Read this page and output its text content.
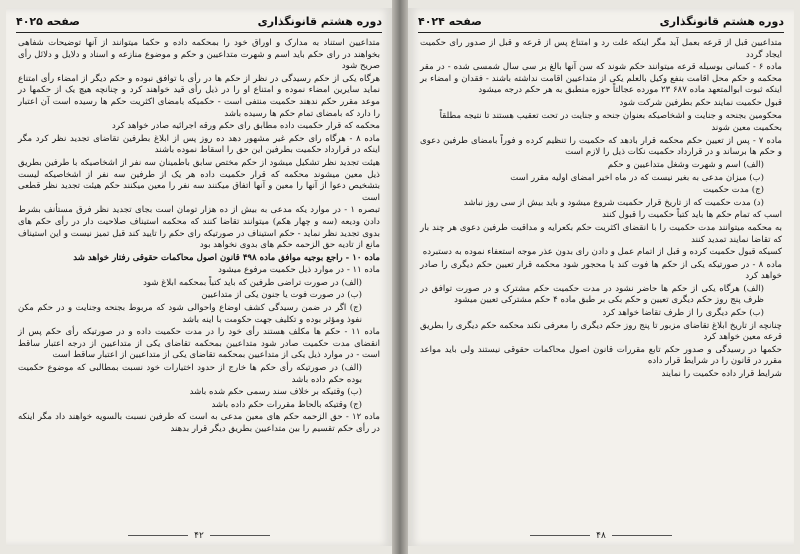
دوره هشتم قانونگذاری
صفحه ۴۰۲۵

متداعیین استناد به مدارک و اوراق خود را بمحکمه داده و حکما میتوانند از آنها توضیحات شفاهی بخواهند در رای حکم باید اسم و شهرت متداعیین و حکم و موضوع منازعه و اسناد و دلایل و دلائل رأی صریح شود

هرگاه یکی از حکم رسیدگی در نظر از حکم ها در رأی با توافق نبوده و حکم دیگر از امضاء رأی امتناع نماید سایرین امضاء نموده و امتناع او را در ذیل رأی قید خواهند کرد و چنانچه هیچ یک از حکمها در موعد مقرر حکم ندهند حکمیت منتفی است - حکمیکه بامضای اکثریت حکم ها رسیده است آن اعتبار را دارد که بامضای تمام حکم ها رسیده باشد

محکمه که قرار حکمیت داده مطابق رای حکم ورقه اجرائیه صادر خواهد کرد

ماده ۸ - هرگاه رای حکم غیر مشهور دهد ده روز پس از ابلاغ بطرفین تقاضای تجدید نظر کرد مگر اینکه در قرارداد حکمیت بطرفین این حق را اسقاط نموده باشند

هیئت تجدید نظر تشکیل میشود از حکم مختص سابق باطمینان سه نفر از اشخاصیکه با طرفین بطریق ذیل معین میشوند محکمه که قرار حکمیت داده هر یک از طرفین سه نفر از اشخاصیکه لیست بتشخیص دعوا از آنها را معین و آنها اتفاق میکنند سه نفر را معین میکنند حکم هیئت تجدید نظر قطعی است

تبصره ۱ - در موارد یکه مدعی به بیش از ده هزار تومان است بجای تجدید نظر فرق مستأنف بشرط دادن ودیعه (سه و چهار هکم) میتوانند تقاضا کنند که محکمه استیناف صلاحیت دار در رأی حکم های بدوی تجدید نظر نماید - حکم استیناف در صورتیکه رای حکم را تایید کند قبل تمیز نیست و این استیناف مانع از تادیه حق الزحمه حکم های بدوی نخواهد بود

ماده ۱۰ - راجع بوجیه موافق ماده ۴۹۸ قانون اصول محاکمات حقوقی رفتار خواهد شد

ماده ۱۱ - در موارد ذیل حکمیت مرفوع میشود

(الف) در صورت تراضی طرفین که باید کتباً بمحکمه ابلاغ شود

(ب) در صورت فوت یا جنون یکی از متداعیین

(ج) اگر در ضمن رسیدگی کشف اوضاع واحوالی شود که مربوط بجنحه وجنایت و در حکم مکن نفوذ ومؤثر بوده و تکلیف جهت حکومت با اینه باشد

ماده ۱۱ - حکم ها مکلف هستند رأی خود را در مدت حکمیت داده و در صورتیکه رأی حکم پس از انقضای مدت حکمیت صادر شود متداعیین بمحکمه تقاضای یکی از متداعیین از درجه اعتبار ساقط است - در موارد ذیل یکی از متداعیین بمحکمه تقاضای یکی از متداعیین از اعتبار ساقط است

(الف) در صورتیکه رأی حکم ها خارج از حدود اختیارات خود نسبت بمطالبی که موضوع حکمیت بوده حکم داده باشد

(ب) وقتیکه بر خلاف سند رسمی حکم شده باشد

(ج) وقتیکه بالحاظ مقررات حکم داده باشد

ماده ۱۲ - حق الزحمه حکم های معین مدعی به است که طرفین نسبت بالسویه خواهند داد مگر اینکه در رأی حکم تقسیم را بین متداعیین بطریق دیگر قرار بدهند

۴۲
دوره هشتم قانونگذاری
صفحه ۴۰۲۴

متداعیین قبل از قرعه بعمل آید مگر اینکه علت رد و امتناع پس از قرعه و قبل از صدور رای حکمیت ایجاد گردد

ماده ۶ - کسانی بوسیله قرعه میتوانند حکم شوند که سن آنها بالغ بر سی سال شمسی شده - در مقر محکمه و حکم محل اقامت بنفع وکیل بالعلم یکی از متداعیین اقامت نداشته باشند - فقدان و امضاء بر اینکه ثبوت ابوالمتعهد ماده ۶۸۷ ۲۳ مورده عجالتاً حوزه منطبق به هر حکم درجه میشود

قبول حکمیت نمایند حکم بطرفین شرکت شود

محکومین بجنحه و جنایت و اشخاصیکه بعنوان جنحه و جنایت در تحت تعقیب هستند تا نتیجه مطلقاً

بحکمیت معین شوند

ماده ۷ - پس از تعیین حکم محکمه قرار بادهد که حکمیت را تنظیم کرده و فوراً بامضای طرفین دعوی و حکم ها برساند و در قرارداد حکمیت نکات ذیل را لازم است

(الف) اسم و شهرت وشغل متداعیین و حکم

(ب) میزان مدعی به بغیر نیست که در ماه اخیر امضای اولیه مقرر است

(ج) مدت حکمیت

(د) مدت حکمیت که از تاریخ قرار حکمیت شروع میشود و باید بیش از سی روز نباشد

اسب که تمام حکم ها باید کتباً حکمیت را قبول کنند

به محکمه میتوانند مدت حکمیت را با انقضای اکثریت حکم بکعرایه و مداقیت طرفین دعوی هر چند بار که تقاضا نمایند تمدید کنند

کسیکه قبول حکمیت کرده و قبل از اتمام عمل و دادن رای بدون عذر موجه استعفاء نموده به دستبرده

ماده ۸ - در صورتیکه یکی از حکم ها فوت کند یا محجور شود محکمه قرار تعیین حکم دیگری را صادر خواهد کرد

(الف) هرگاه یکی از حکم ها حاضر نشود در مدت حکمیت حکم مشترک و در صورت توافق در ظرف پنج روز حکم دیگری تعیین و حکم بکی بر طبق ماده ۴ حکم مشترکی تعیین میشود

(ب) حکم دیگری را از طرف تقاضا خواهد کرد

چنانچه از تاریخ ابلاغ تقاضای مزبور تا پنج روز حکم دیگری را معرفی نکند محکمه حکم دیگری را بطریق قرعه معین خواهد کرد

حکمها در رسیدگی و صدور حکم تابع مقررات قانون اصول محاکمات حقوقی نیستند ولی باید مواعد مقرر در قانون را در شرایط قرار داده

شرایط قرار داده حکمیت را نمایند

۴۸
